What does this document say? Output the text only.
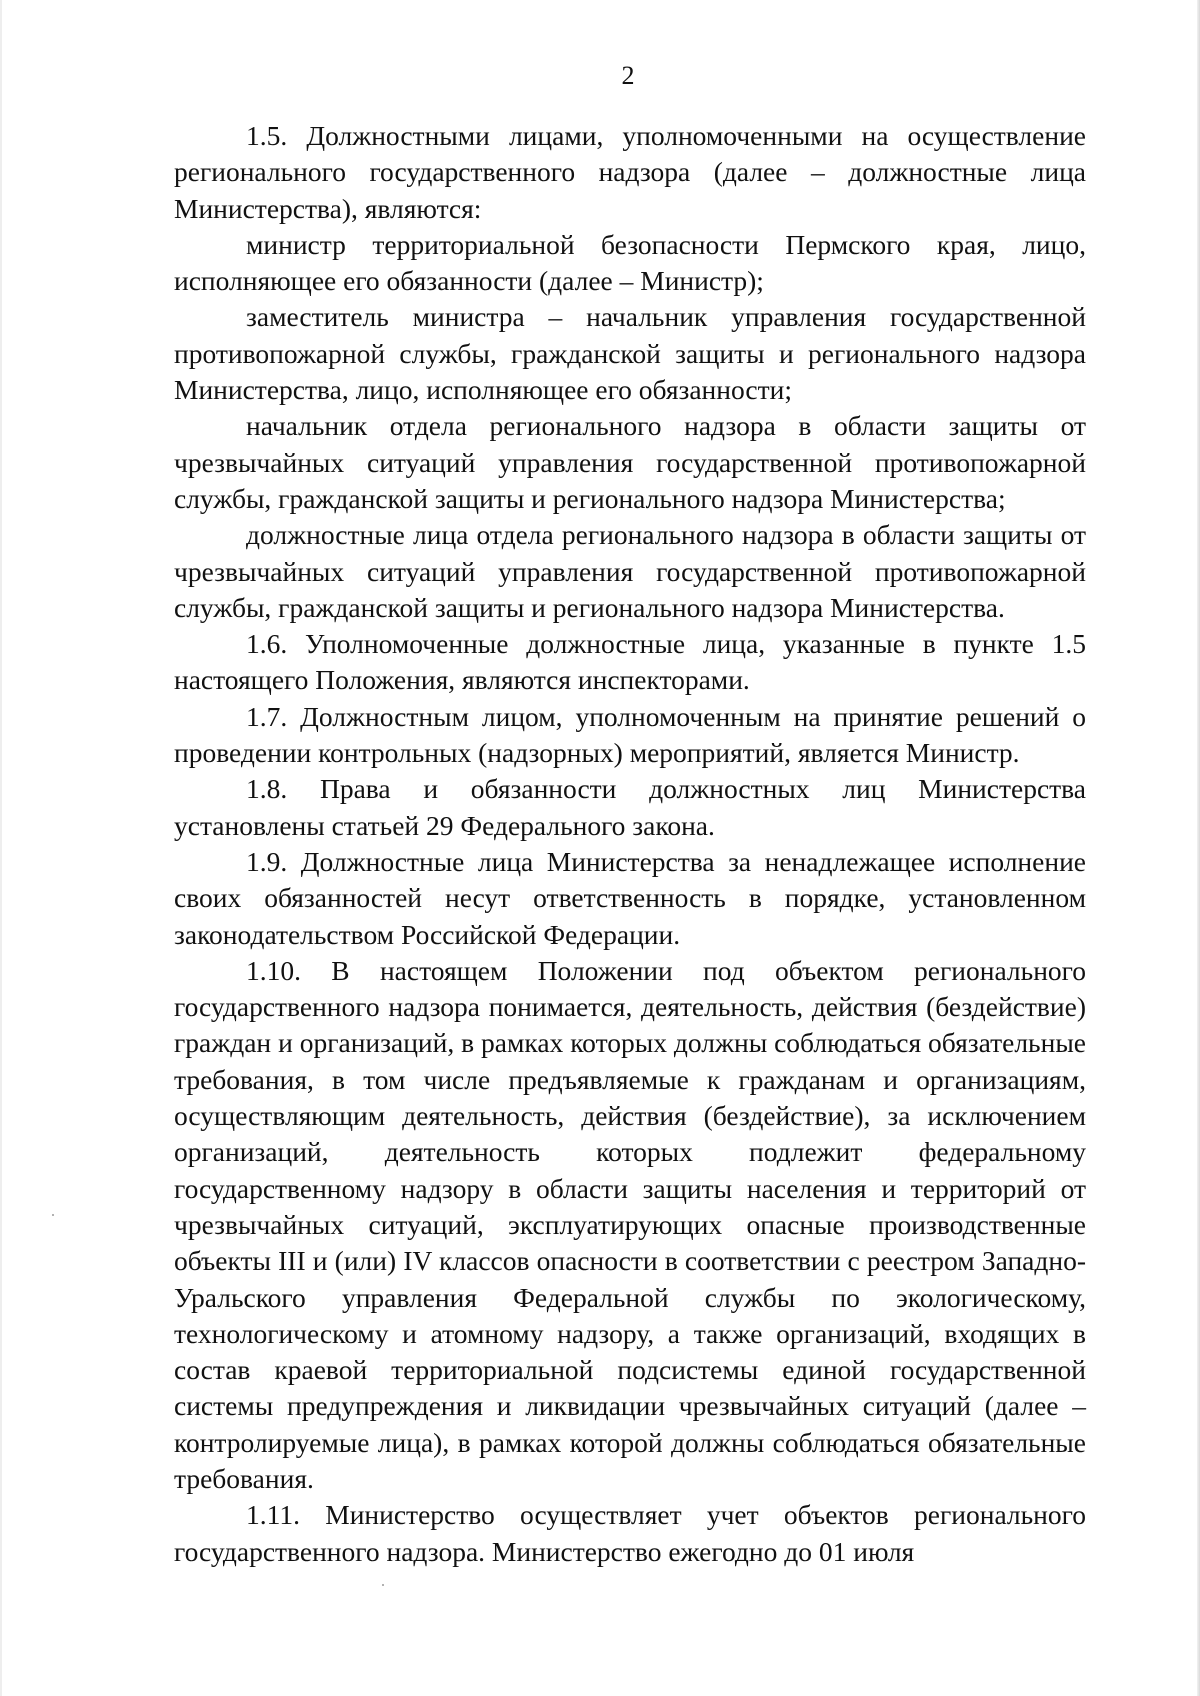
2

1.5. Должностными лицами, уполномоченными на осуществление регионального государственного надзора (далее – должностные лица Министерства), являются:

министр территориальной безопасности Пермского края, лицо, исполняющее его обязанности (далее – Министр);

заместитель министра – начальник управления государственной противопожарной службы, гражданской защиты и регионального надзора Министерства, лицо, исполняющее его обязанности;

начальник отдела регионального надзора в области защиты от чрезвычайных ситуаций управления государственной противопожарной службы, гражданской защиты и регионального надзора Министерства;

должностные лица отдела регионального надзора в области защиты от чрезвычайных ситуаций управления государственной противопожарной службы, гражданской защиты и регионального надзора Министерства.

1.6. Уполномоченные должностные лица, указанные в пункте 1.5 настоящего Положения, являются инспекторами.

1.7. Должностным лицом, уполномоченным на принятие решений о проведении контрольных (надзорных) мероприятий, является Министр.

1.8. Права и обязанности должностных лиц Министерства установлены статьей 29 Федерального закона.

1.9. Должностные лица Министерства за ненадлежащее исполнение своих обязанностей несут ответственность в порядке, установленном законодательством Российской Федерации.

1.10. В настоящем Положении под объектом регионального государственного надзора понимается, деятельность, действия (бездействие) граждан и организаций, в рамках которых должны соблюдаться обязательные требования, в том числе предъявляемые к гражданам и организациям, осуществляющим деятельность, действия (бездействие), за исключением организаций, деятельность которых подлежит федеральному государственному надзору в области защиты населения и территорий от чрезвычайных ситуаций, эксплуатирующих опасные производственные объекты III и (или) IV классов опасности в соответствии с реестром Западно-Уральского управления Федеральной службы по экологическому, технологическому и атомному надзору, а также организаций, входящих в состав краевой территориальной подсистемы единой государственной системы предупреждения и ликвидации чрезвычайных ситуаций (далее – контролируемые лица), в рамках которой должны соблюдаться обязательные требования.

1.11. Министерство осуществляет учет объектов регионального государственного надзора. Министерство ежегодно до 01 июля
